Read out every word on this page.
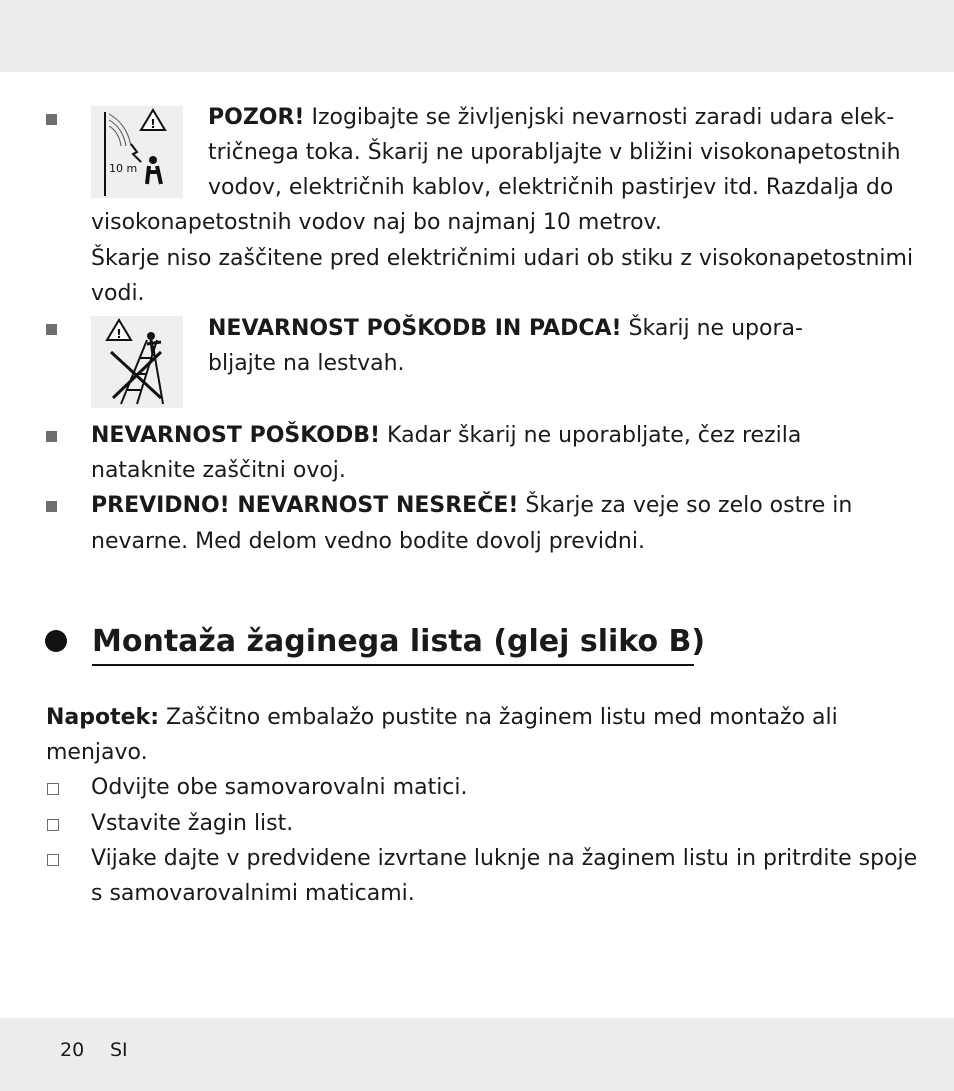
!
10 m
POZOR! Izogibajte se življenjski nevarnosti zaradi udara elek-
tričnega toka. Škarij ne uporabljajte v bližini visokonapetostnih
vodov, električnih kablov, električnih pastirjev itd. Razdalja do
visokonapetostnih vodov naj bo najmanj 10 metrov.
Škarje niso zaščitene pred električnimi udari ob stiku z visokonapetostnimi
vodi.
!	NEVARNOST POŠKODB IN PADCA! Škarij ne upora-
bljajte na lestvah.
NEVARNOST POŠKODB! Kadar škarij ne uporabljate, čez rezila
nataknite zaščitni ovoj.
PREVIDNO! NEVARNOST NESREČE! Škarje za veje so zelo ostre in
nevarne. Med delom vedno bodite dovolj previdni.
Montaža žaginega lista (glej sliko B)
Napotek: Zaščitno embalažo pustite na žaginem listu med montažo ali
menjavo.
Odvijte obe samovarovalni matici.
Vstavite žagin list.
Vijake dajte v predvidene izvrtane luknje na žaginem listu in pritrdite spoje
s samovarovalnimi maticami.
20 SI
